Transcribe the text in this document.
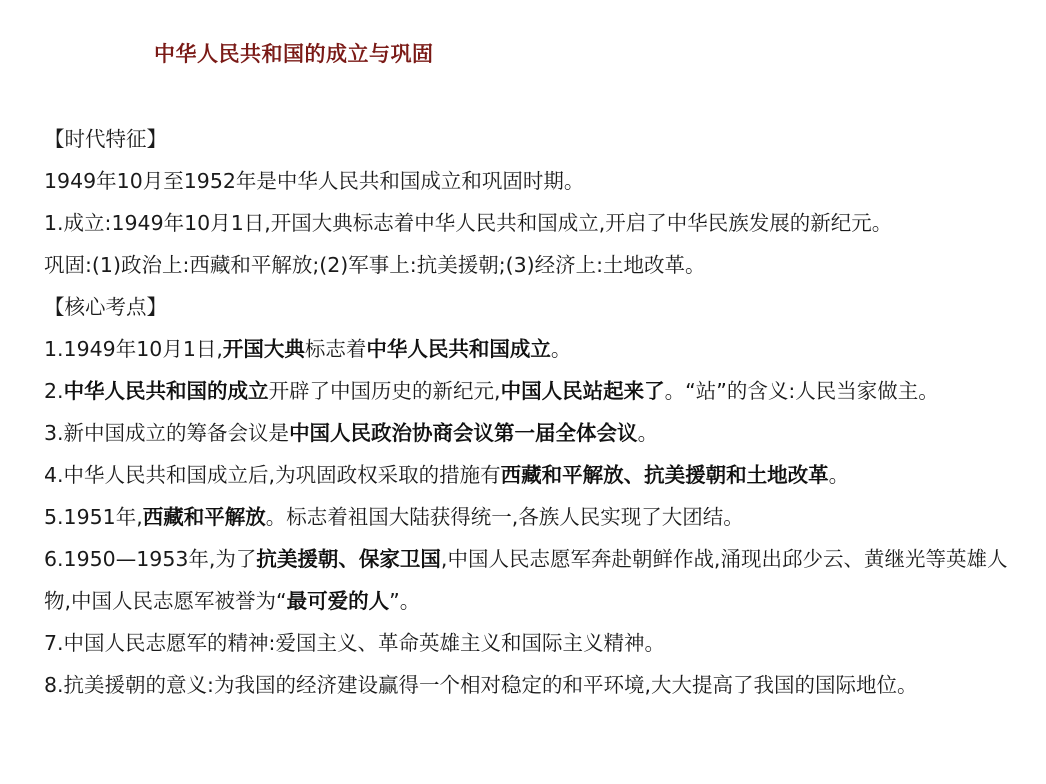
中华人民共和国的成立与巩固
【时代特征】
1949年10月至1952年是中华人民共和国成立和巩固时期。
1.成立:1949年10月1日,开国大典标志着中华人民共和国成立,开启了中华民族发展的新纪元。
巩固:(1)政治上:西藏和平解放;(2)军事上:抗美援朝;(3)经济上:土地改革。
【核心考点】
1.1949年10月1日,开国大典标志着中华人民共和国成立。
2.中华人民共和国的成立开辟了中国历史的新纪元,中国人民站起来了。“站”的含义:人民当家做主。
3.新中国成立的筹备会议是中国人民政治协商会议第一届全体会议。
4.中华人民共和国成立后,为巩固政权采取的措施有西藏和平解放、抗美援朝和土地改革。
5.1951年,西藏和平解放。标志着祖国大陆获得统一,各族人民实现了大团结。
6.1950—1953年,为了抗美援朝、保家卫国,中国人民志愿军奔赴朝鲜作战,涌现出邱少云、黄继光等英雄人物,中国人民志愿军被誉为“最可爱的人”。
7.中国人民志愿军的精神:爱国主义、革命英雄主义和国际主义精神。
8.抗美援朝的意义:为我国的经济建设赢得一个相对稳定的和平环境,大大提高了我国的国际地位。
